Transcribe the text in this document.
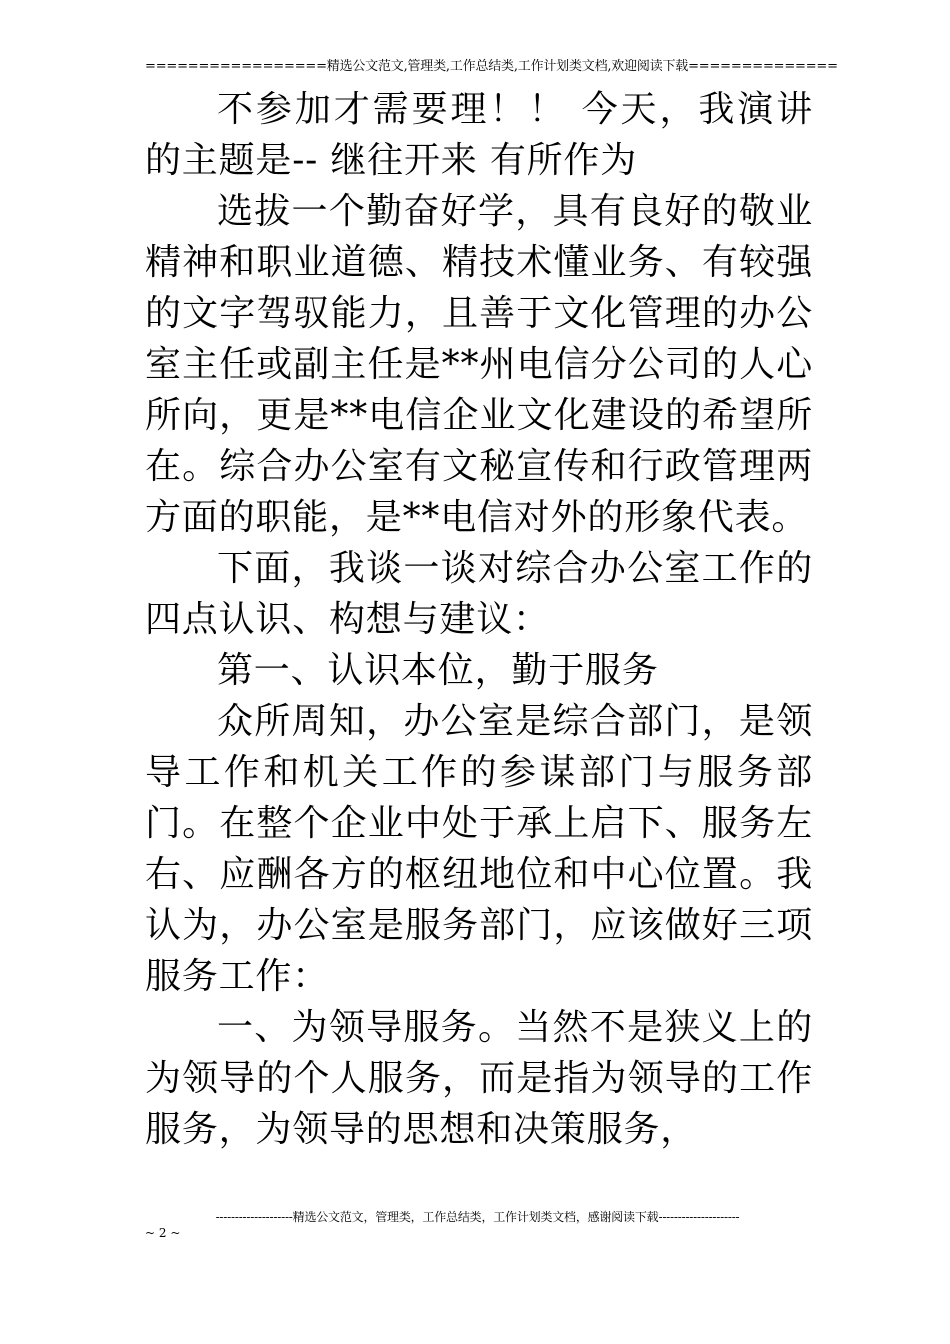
=================精选公文范文,管理类,工作总结类,工作计划类文档,欢迎阅读下载==============

不参加才需要理！！ 今天，我演讲的主题是-- 继往开来 有所作为

选拔一个勤奋好学，具有良好的敬业精神和职业道德、精技术懂业务、有较强的文字驾驭能力，且善于文化管理的办公室主任或副主任是**州电信分公司的人心所向，更是**电信企业文化建设的希望所在。综合办公室有文秘宣传和行政管理两方面的职能，是**电信对外的形象代表。

下面，我谈一谈对综合办公室工作的四点认识、构想与建议：

第一、认识本位，勤于服务

众所周知，办公室是综合部门，是领导工作和机关工作的参谋部门与服务部门。在整个企业中处于承上启下、服务左右、应酬各方的枢纽地位和中心位置。我认为，办公室是服务部门，应该做好三项服务工作：

一、为领导服务。当然不是狭义上的为领导的个人服务，而是指为领导的工作服务，为领导的思想和决策服务，

--------------------精选公文范文，管理类，工作总结类，工作计划类文档，感谢阅读下载---------------------
~ 2 ~
